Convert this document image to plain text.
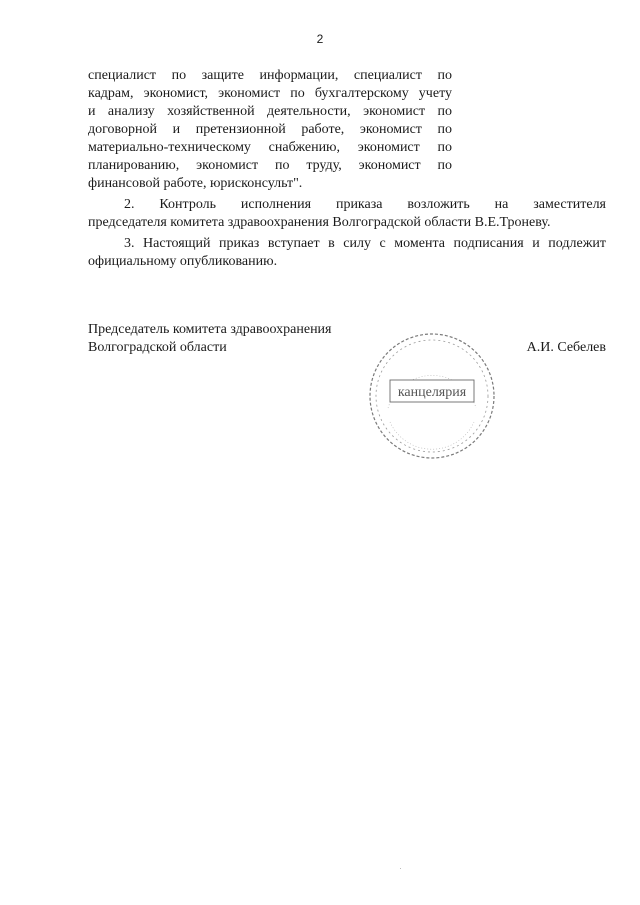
2
специалист по защите информации, специалист по
кадрам, экономист, экономист по бухгалтерскому учету
и анализу хозяйственной деятельности, экономист по
договорной и претензионной работе, экономист по
материально-техническому снабжению, экономист по
планированию, экономист по труду, экономист по
финансовой работе, юрисконсульт".
2. Контроль исполнения приказа возложить на заместителя
председателя комитета здравоохранения Волгоградской области В.Е.Троневу.
3. Настоящий приказ вступает в силу с момента подписания и подлежит
официальному опубликованию.
Председатель комитета здравоохранения
Волгоградской области	А.И. Себелев
канцелярия
